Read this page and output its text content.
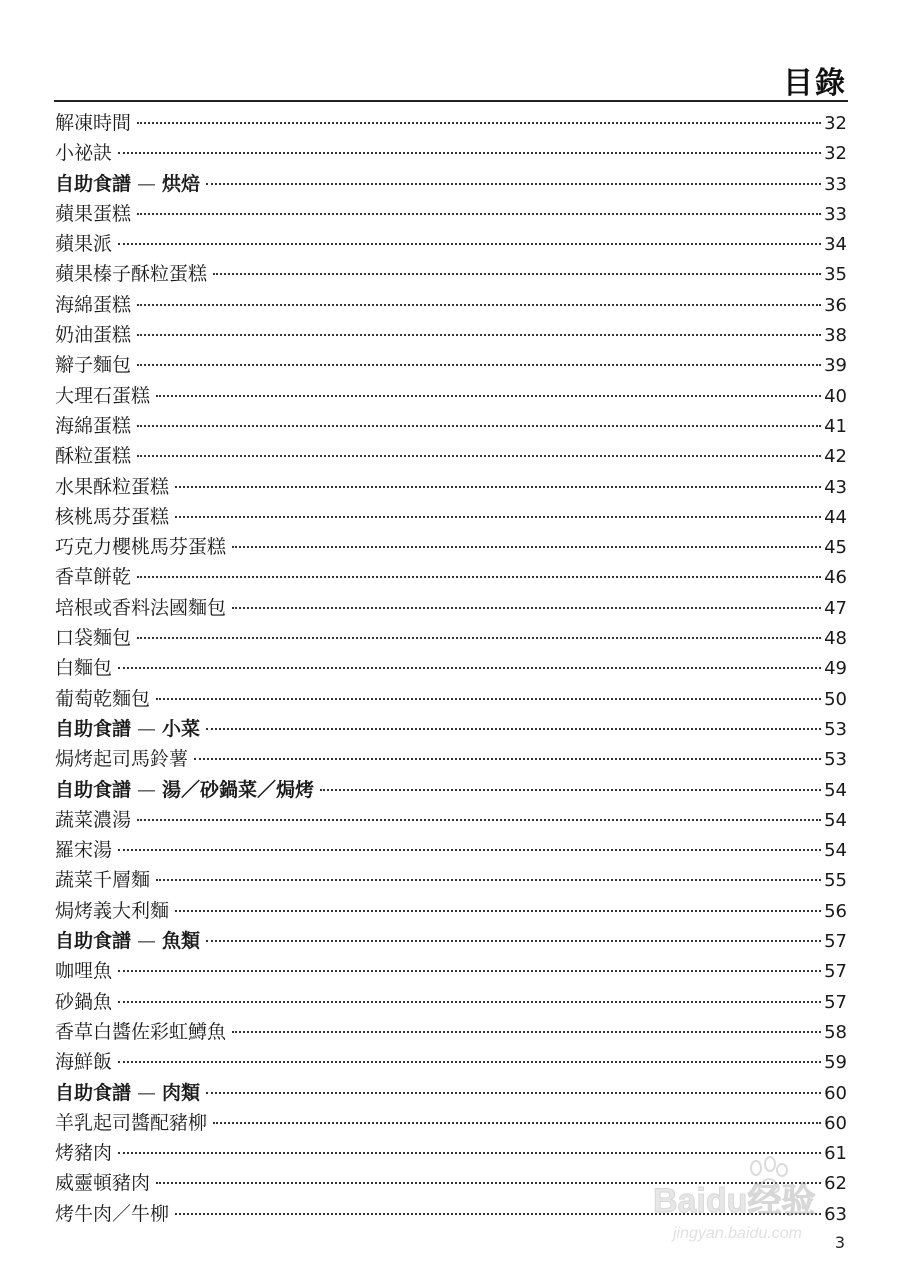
目錄
解凍時間	32
小祕訣	32
自助食譜 — 烘焙	33
蘋果蛋糕	33
蘋果派	34
蘋果榛子酥粒蛋糕	35
海綿蛋糕	36
奶油蛋糕	38
辮子麵包	39
大理石蛋糕	40
海綿蛋糕	41
酥粒蛋糕	42
水果酥粒蛋糕	43
核桃馬芬蛋糕	44
巧克力櫻桃馬芬蛋糕	45
香草餅乾	46
培根或香料法國麵包	47
口袋麵包	48
白麵包	49
葡萄乾麵包	50
自助食譜 — 小菜	53
焗烤起司馬鈴薯	53
自助食譜 — 湯／砂鍋菜／焗烤	54
蔬菜濃湯	54
羅宋湯	54
蔬菜千層麵	55
焗烤義大利麵	56
自助食譜 — 魚類	57
咖哩魚	57
砂鍋魚	57
香草白醬佐彩虹鱒魚	58
海鮮飯	59
自助食譜 — 肉類	60
羊乳起司醬配豬柳	60
烤豬肉	61
威靈頓豬肉	62
烤牛肉／牛柳	63
3
Baidu经验
jingyan.baidu.com
